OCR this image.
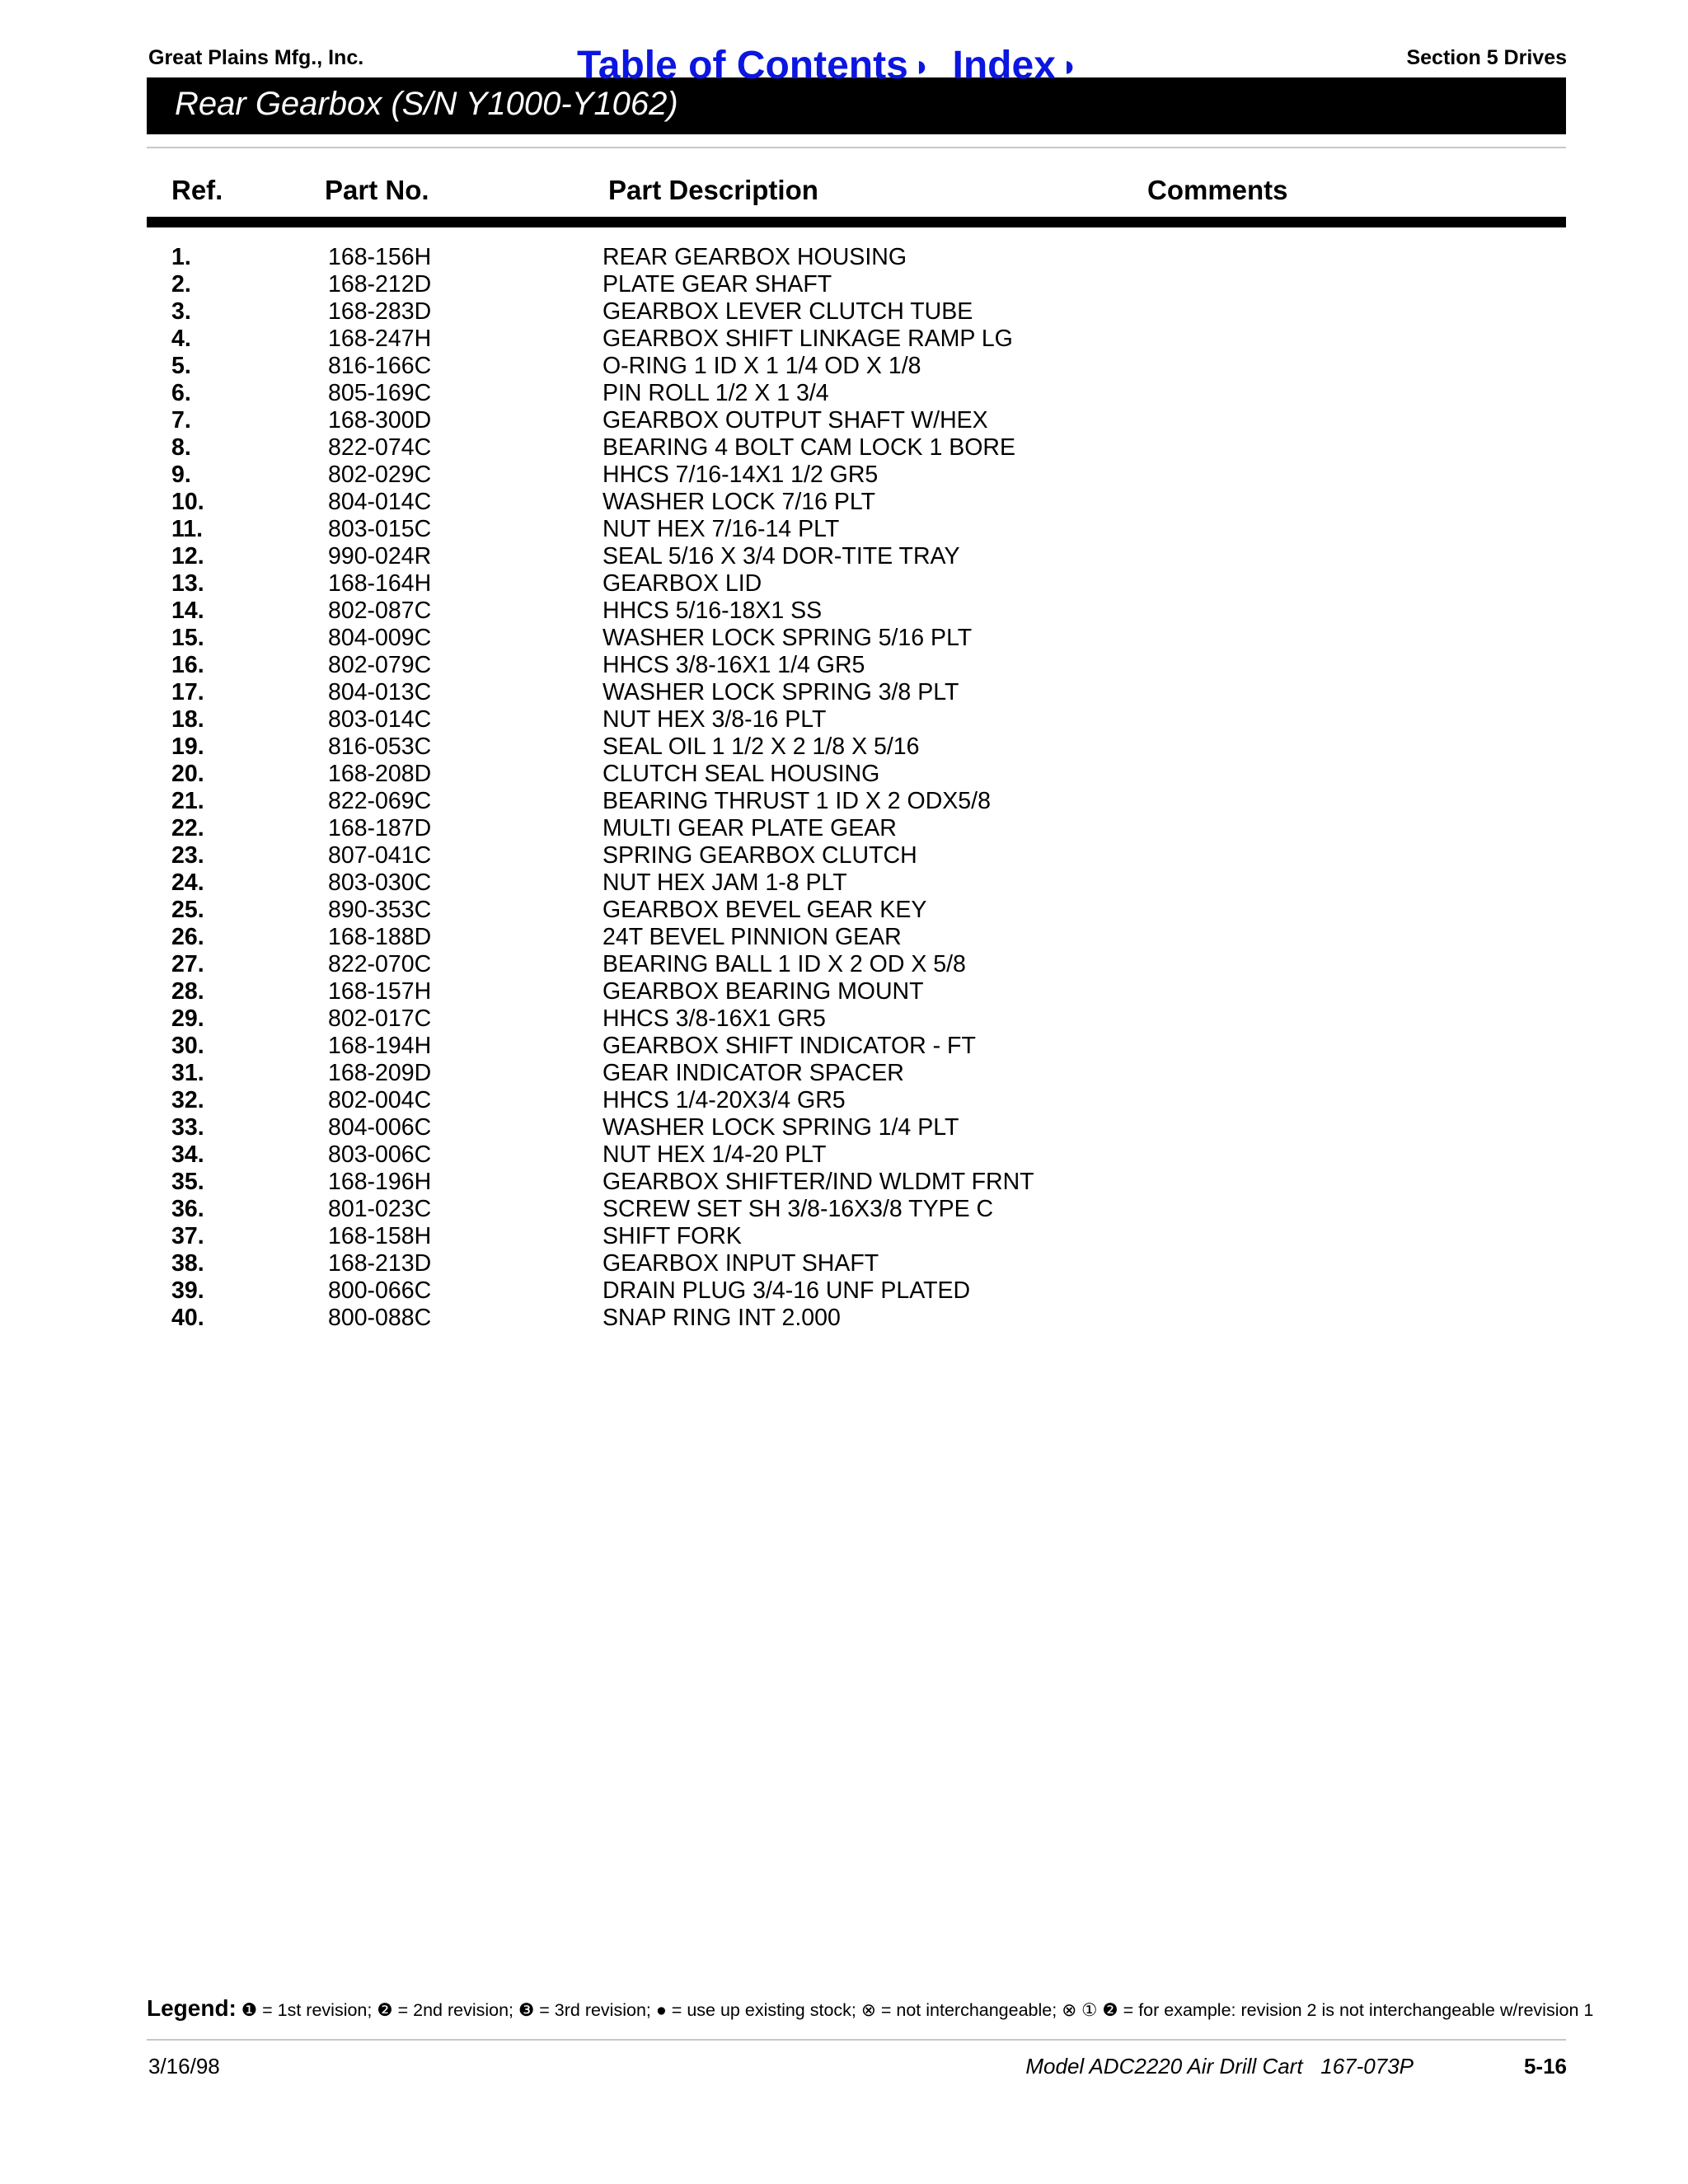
Great Plains Mfg., Inc.	Table of Contents ◗ Index ◗	Section 5 Drives
Rear Gearbox (S/N Y1000-Y1062)
Ref.	Part No.	Part Description	Comments
1.	168-156H	REAR GEARBOX HOUSING
2.	168-212D	PLATE GEAR SHAFT
3.	168-283D	GEARBOX LEVER CLUTCH TUBE
4.	168-247H	GEARBOX SHIFT LINKAGE RAMP LG
5.	816-166C	O-RING 1 ID X 1 1/4 OD X 1/8
6.	805-169C	PIN ROLL 1/2 X 1 3/4
7.	168-300D	GEARBOX OUTPUT SHAFT W/HEX
8.	822-074C	BEARING 4 BOLT CAM LOCK 1 BORE
9.	802-029C	HHCS 7/16-14X1 1/2 GR5
10.	804-014C	WASHER LOCK 7/16 PLT
11.	803-015C	NUT HEX 7/16-14 PLT
12.	990-024R	SEAL 5/16 X 3/4 DOR-TITE TRAY
13.	168-164H	GEARBOX LID
14.	802-087C	HHCS 5/16-18X1 SS
15.	804-009C	WASHER LOCK SPRING 5/16 PLT
16.	802-079C	HHCS 3/8-16X1 1/4 GR5
17.	804-013C	WASHER LOCK SPRING 3/8 PLT
18.	803-014C	NUT HEX 3/8-16 PLT
19.	816-053C	SEAL OIL 1 1/2 X 2 1/8 X 5/16
20.	168-208D	CLUTCH SEAL HOUSING
21.	822-069C	BEARING THRUST 1 ID X 2 ODX5/8
22.	168-187D	MULTI GEAR PLATE GEAR
23.	807-041C	SPRING GEARBOX CLUTCH
24.	803-030C	NUT HEX JAM 1-8 PLT
25.	890-353C	GEARBOX BEVEL GEAR KEY
26.	168-188D	24T BEVEL PINNION GEAR
27.	822-070C	BEARING BALL 1 ID X 2 OD X 5/8
28.	168-157H	GEARBOX BEARING MOUNT
29.	802-017C	HHCS 3/8-16X1 GR5
30.	168-194H	GEARBOX SHIFT INDICATOR - FT
31.	168-209D	GEAR INDICATOR SPACER
32.	802-004C	HHCS 1/4-20X3/4 GR5
33.	804-006C	WASHER LOCK SPRING 1/4 PLT
34.	803-006C	NUT HEX 1/4-20 PLT
35.	168-196H	GEARBOX SHIFTER/IND WLDMT FRNT
36.	801-023C	SCREW SET SH 3/8-16X3/8 TYPE C
37.	168-158H	SHIFT FORK
38.	168-213D	GEARBOX INPUT SHAFT
39.	800-066C	DRAIN PLUG 3/4-16 UNF PLATED
40.	800-088C	SNAP RING INT 2.000
Legend: ❶ = 1st revision; ❷ = 2nd revision; ❸ = 3rd revision; ● = use up existing stock; ⊗ = not interchangeable; ⊗ ① ❷ = for example: revision 2 is not interchangeable w/revision 1
3/16/98	Model ADC2220 Air Drill Cart   167-073P	5-16
